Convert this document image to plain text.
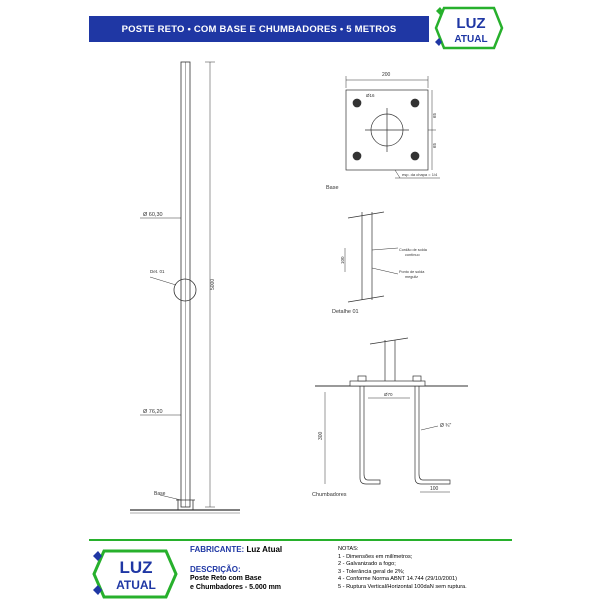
POSTE RETO • COM BASE E CHUMBADORES • 5 METROS	LUZ
ATUAL
Ø 60,30
Ø 76,20
Det. 01
5000
Base
200
Ø16
65
65
esp. da chapa = 1/4
Base
100
Cordão de solda
contínuo
Ponto de solda
meguliz
Detalhe 01
Ø70
300
Ø ¾"
100
Chumbadores
LUZ
ATUAL
FABRICANTE: Luz Atual
DESCRIÇÃO:
Poste Reto com Base
e Chumbadores - 5.000 mm
NOTAS:
1 - Dimensões em milímetros;
2 - Galvanizado a fogo;
3 - Tolerância geral de 2%;
4 - Conforme Norma ABNT 14.744 (29/10/2001)
5 - Ruptura Vertical/Horizontal 100daN sem ruptura.
